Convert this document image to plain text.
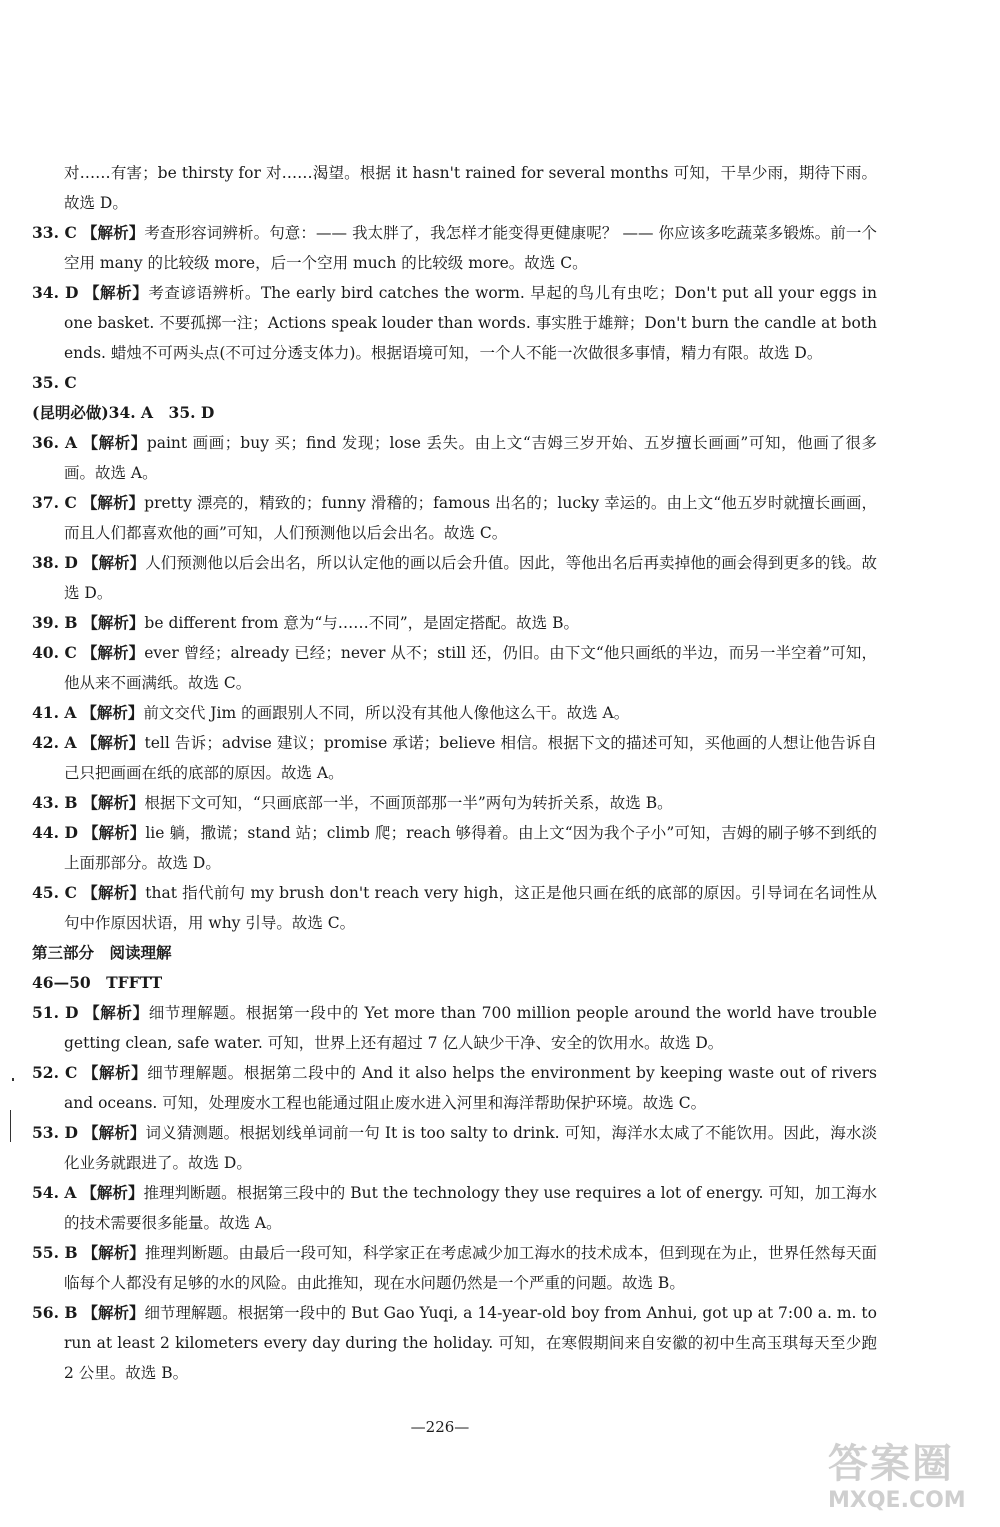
对……有害；be thirsty for 对……渴望。根据 it hasn't rained for several months 可知，干旱少雨，期待下雨。故选 D。

33. C 【解析】考查形容词辨析。句意：—— 我太胖了，我怎样才能变得更健康呢？ —— 你应该多吃蔬菜多锻炼。前一个空用 many 的比较级 more，后一个空用 much 的比较级 more。故选 C。

34. D 【解析】考查谚语辨析。The early bird catches the worm. 早起的鸟儿有虫吃；Don't put all your eggs in one basket. 不要孤掷一注；Actions speak louder than words. 事实胜于雄辩；Don't burn the candle at both ends. 蜡烛不可两头点(不可过分透支体力)。根据语境可知，一个人不能一次做很多事情，精力有限。故选 D。

35. C

(昆明必做)34. A　35. D

36. A 【解析】paint 画画；buy 买；find 发现；lose 丢失。由上文“吉姆三岁开始、五岁擅长画画”可知，他画了很多画。故选 A。

37. C 【解析】pretty 漂亮的，精致的；funny 滑稽的；famous 出名的；lucky 幸运的。由上文“他五岁时就擅长画画，而且人们都喜欢他的画”可知，人们预测他以后会出名。故选 C。

38. D 【解析】人们预测他以后会出名，所以认定他的画以后会升值。因此，等他出名后再卖掉他的画会得到更多的钱。故选 D。

39. B 【解析】be different from 意为“与……不同”，是固定搭配。故选 B。

40. C 【解析】ever 曾经；already 已经；never 从不；still 还，仍旧。由下文“他只画纸的半边，而另一半空着”可知，他从来不画满纸。故选 C。

41. A 【解析】前文交代 Jim 的画跟别人不同，所以没有其他人像他这么干。故选 A。

42. A 【解析】tell 告诉；advise 建议；promise 承诺；believe 相信。根据下文的描述可知，买他画的人想让他告诉自己只把画画在纸的底部的原因。故选 A。

43. B 【解析】根据下文可知，“只画底部一半，不画顶部那一半”两句为转折关系，故选 B。

44. D 【解析】lie 躺，撒谎；stand 站；climb 爬；reach 够得着。由上文“因为我个子小”可知，吉姆的刷子够不到纸的上面那部分。故选 D。

45. C 【解析】that 指代前句 my brush don't reach very high，这正是他只画在纸的底部的原因。引导词在名词性从句中作原因状语，用 why 引导。故选 C。

第三部分　阅读理解

46—50　TFFTT

51. D 【解析】细节理解题。根据第一段中的 Yet more than 700 million people around the world have trouble getting clean, safe water. 可知，世界上还有超过 7 亿人缺少干净、安全的饮用水。故选 D。

52. C 【解析】细节理解题。根据第二段中的 And it also helps the environment by keeping waste out of rivers and oceans. 可知，处理废水工程也能通过阻止废水进入河里和海洋帮助保护环境。故选 C。

53. D 【解析】词义猜测题。根据划线单词前一句 It is too salty to drink. 可知，海洋水太咸了不能饮用。因此，海水淡化业务就跟进了。故选 D。

54. A 【解析】推理判断题。根据第三段中的 But the technology they use requires a lot of energy. 可知，加工海水的技术需要很多能量。故选 A。

55. B 【解析】推理判断题。由最后一段可知，科学家正在考虑减少加工海水的技术成本，但到现在为止，世界任然每天面临每个人都没有足够的水的风险。由此推知，现在水问题仍然是一个严重的问题。故选 B。

56. B 【解析】细节理解题。根据第一段中的 But Gao Yuqi, a 14-year-old boy from Anhui, got up at 7:00 a. m. to run at least 2 kilometers every day during the holiday. 可知，在寒假期间来自安徽的初中生高玉琪每天至少跑 2 公里。故选 B。

—226—
答案圈
MXQE.COM
